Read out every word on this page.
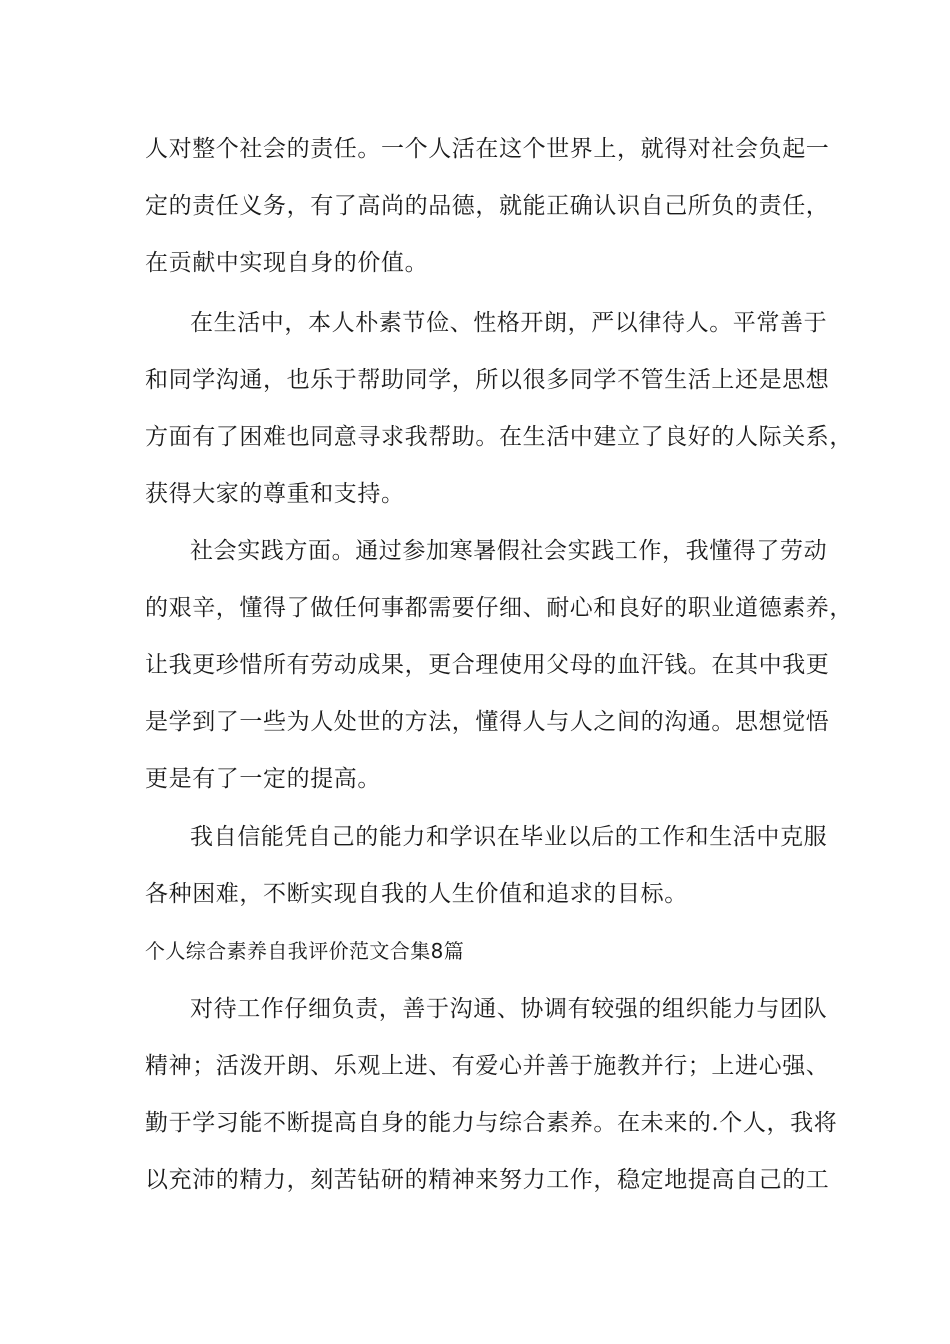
人对整个社会的责任。一个人活在这个世界上，就得对社会负起一
定的责任义务，有了高尚的品德，就能正确认识自己所负的责任，
在贡献中实现自身的价值。
在生活中，本人朴素节俭、性格开朗，严以律待人。平常善于
和同学沟通，也乐于帮助同学，所以很多同学不管生活上还是思想
方面有了困难也同意寻求我帮助。在生活中建立了良好的人际关系，
获得大家的尊重和支持。
社会实践方面。通过参加寒暑假社会实践工作，我懂得了劳动
的艰辛，懂得了做任何事都需要仔细、耐心和良好的职业道德素养，
让我更珍惜所有劳动成果，更合理使用父母的血汗钱。在其中我更
是学到了一些为人处世的方法，懂得人与人之间的沟通。思想觉悟
更是有了一定的提高。
我自信能凭自己的能力和学识在毕业以后的工作和生活中克服
各种困难，不断实现自我的人生价值和追求的目标。
个人综合素养自我评价范文合集8篇
对待工作仔细负责，善于沟通、协调有较强的组织能力与团队
精神；活泼开朗、乐观上进、有爱心并善于施教并行；上进心强、
勤于学习能不断提高自身的能力与综合素养。在未来的.个人，我将
以充沛的精力，刻苦钻研的精神来努力工作，稳定地提高自己的工
